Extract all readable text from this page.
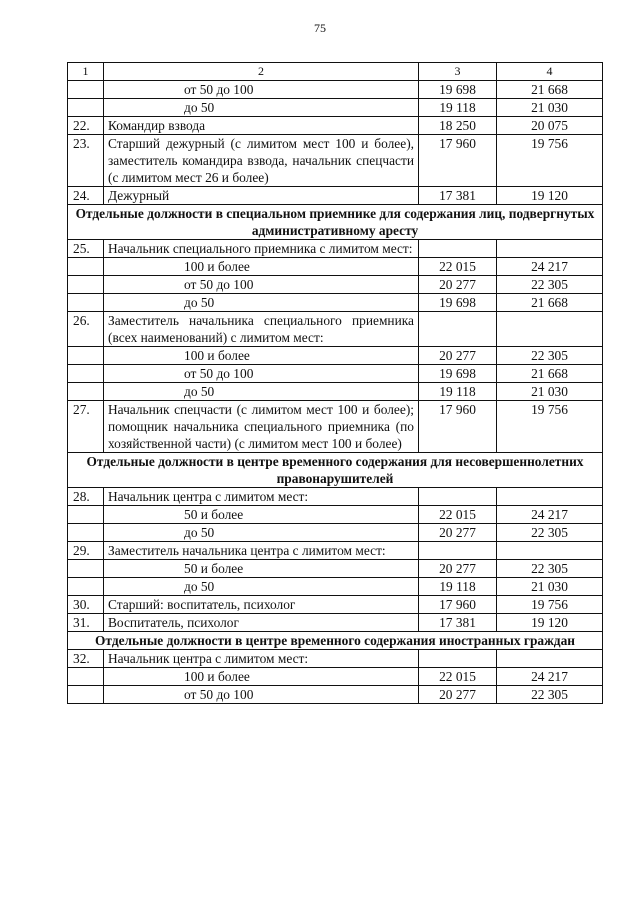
75
1	2	3	4
	от 50 до 100	19 698	21 668
	до 50	19 118	21 030
22.	Командир взвода	18 250	20 075
23.	Старший дежурный (с лимитом мест 100 и более), заместитель командира взвода, начальник спецчасти (с лимитом мест 26 и более)	17 960	19 756
24.	Дежурный	17 381	19 120
Отдельные должности в специальном приемнике для содержания лиц, подвергнутых административному аресту			
25.	Начальник специального приемника с лимитом мест:		
	100 и более	22 015	24 217
	от 50 до 100	20 277	22 305
	до 50	19 698	21 668
26.	Заместитель начальника специального приемника (всех наименований) с лимитом мест:		
	100 и более	20 277	22 305
	от 50 до 100	19 698	21 668
	до 50	19 118	21 030
27.	Начальник спецчасти (с лимитом мест 100 и более); помощник начальника специального приемника (по хозяйственной части) (с лимитом мест 100 и более)	17 960	19 756
Отдельные должности в центре временного содержания для несовершеннолетних правонарушителей			
28.	Начальник центра с лимитом мест:		
	50 и более	22 015	24 217
	до 50	20 277	22 305
29.	Заместитель начальника центра с лимитом мест:		
	50 и более	20 277	22 305
	до 50	19 118	21 030
30.	Старший: воспитатель, психолог	17 960	19 756
31.	Воспитатель, психолог	17 381	19 120
Отдельные должности в центре временного содержания иностранных граждан			
32.	Начальник центра с лимитом мест:		
	100 и более	22 015	24 217
	от 50 до 100	20 277	22 305
